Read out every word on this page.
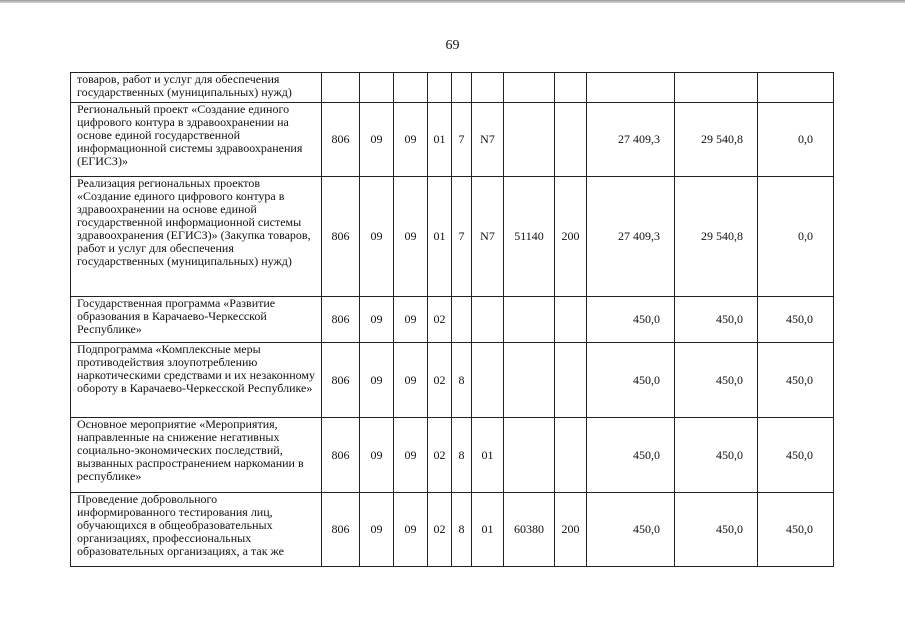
69
товаров, работ и услуг для обеспечения государственных (муниципальных) нужд)											
Региональный проект «Создание единого цифрового контура в здравоохранении на основе единой государственной информационной системы здравоохранения (ЕГИСЗ)»	806	09	09	01	7	N7			27 409,3	29 540,8	0,0
Реализация региональных проектов «Создание единого цифрового контура в здравоохранении на основе единой государственной информационной системы здравоохранения (ЕГИСЗ)» (Закупка товаров, работ и услуг для обеспечения государственных (муниципальных) нужд)	806	09	09	01	7	N7	51140	200	27 409,3	29 540,8	0,0
Государственная программа «Развитие образования в Карачаево-Черкесской Республике»	806	09	09	02					450,0	450,0	450,0
Подпрограмма «Комплексные меры противодействия злоупотреблению наркотическими средствами и их незаконному обороту в Карачаево-Черкесской Республике»	806	09	09	02	8				450,0	450,0	450,0
Основное мероприятие «Мероприятия, направленные на снижение негативных социально-экономических последствий, вызванных распространением наркомании в республике»	806	09	09	02	8	01			450,0	450,0	450,0
Проведение добровольного информированного тестирования лиц, обучающихся в общеобразовательных организациях, профессиональных образовательных организациях, а так же	806	09	09	02	8	01	60380	200	450,0	450,0	450,0
